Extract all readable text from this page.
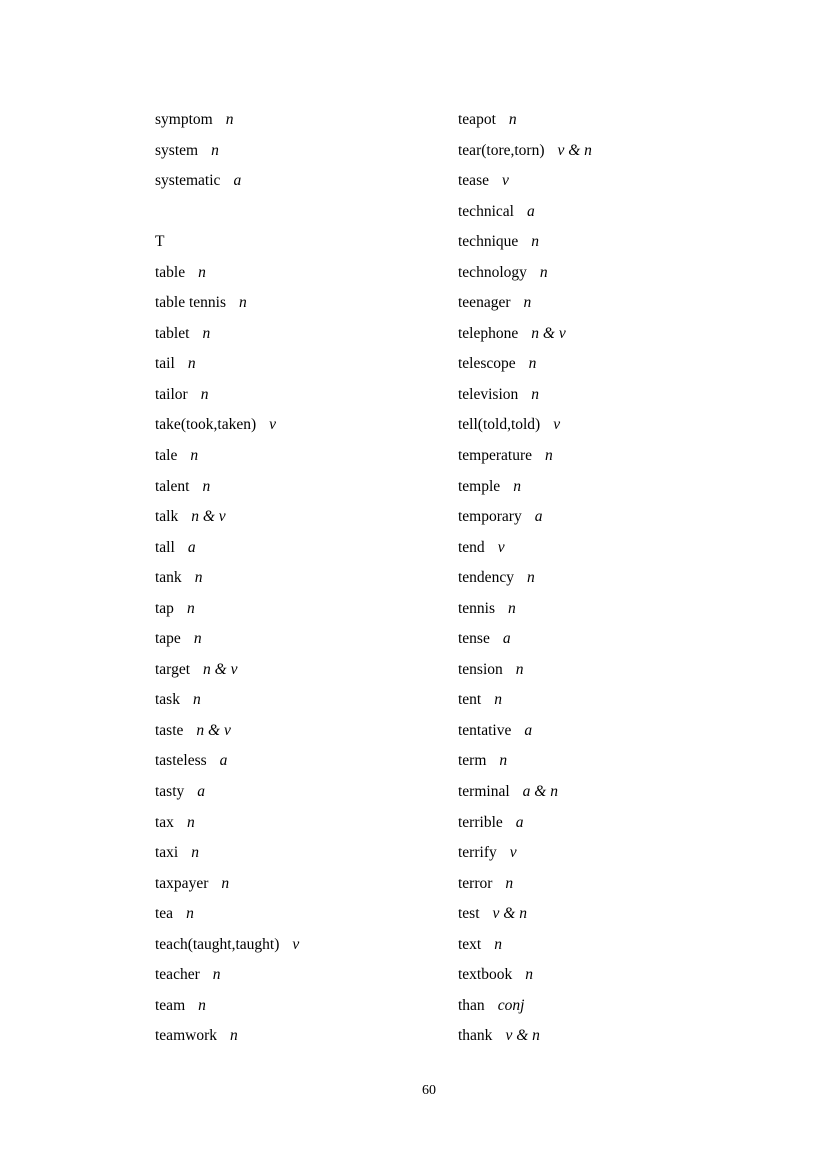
symptom n
system n
systematic a
T
table n
table tennis n
tablet n
tail n
tailor n
take(took,taken) v
tale n
talent n
talk n & v
tall a
tank n
tap n
tape n
target n & v
task n
taste n & v
tasteless a
tasty a
tax n
taxi n
taxpayer n
tea n
teach(taught,taught) v
teacher n
team n
teamwork n
teapot n
tear(tore,torn) v & n
tease v
technical a
technique n
technology n
teenager n
telephone n & v
telescope n
television n
tell(told,told) v
temperature n
temple n
temporary a
tend v
tendency n
tennis n
tense a
tension n
tent n
tentative a
term n
terminal a & n
terrible a
terrify v
terror n
test v & n
text n
textbook n
than conj
thank v & n
60
